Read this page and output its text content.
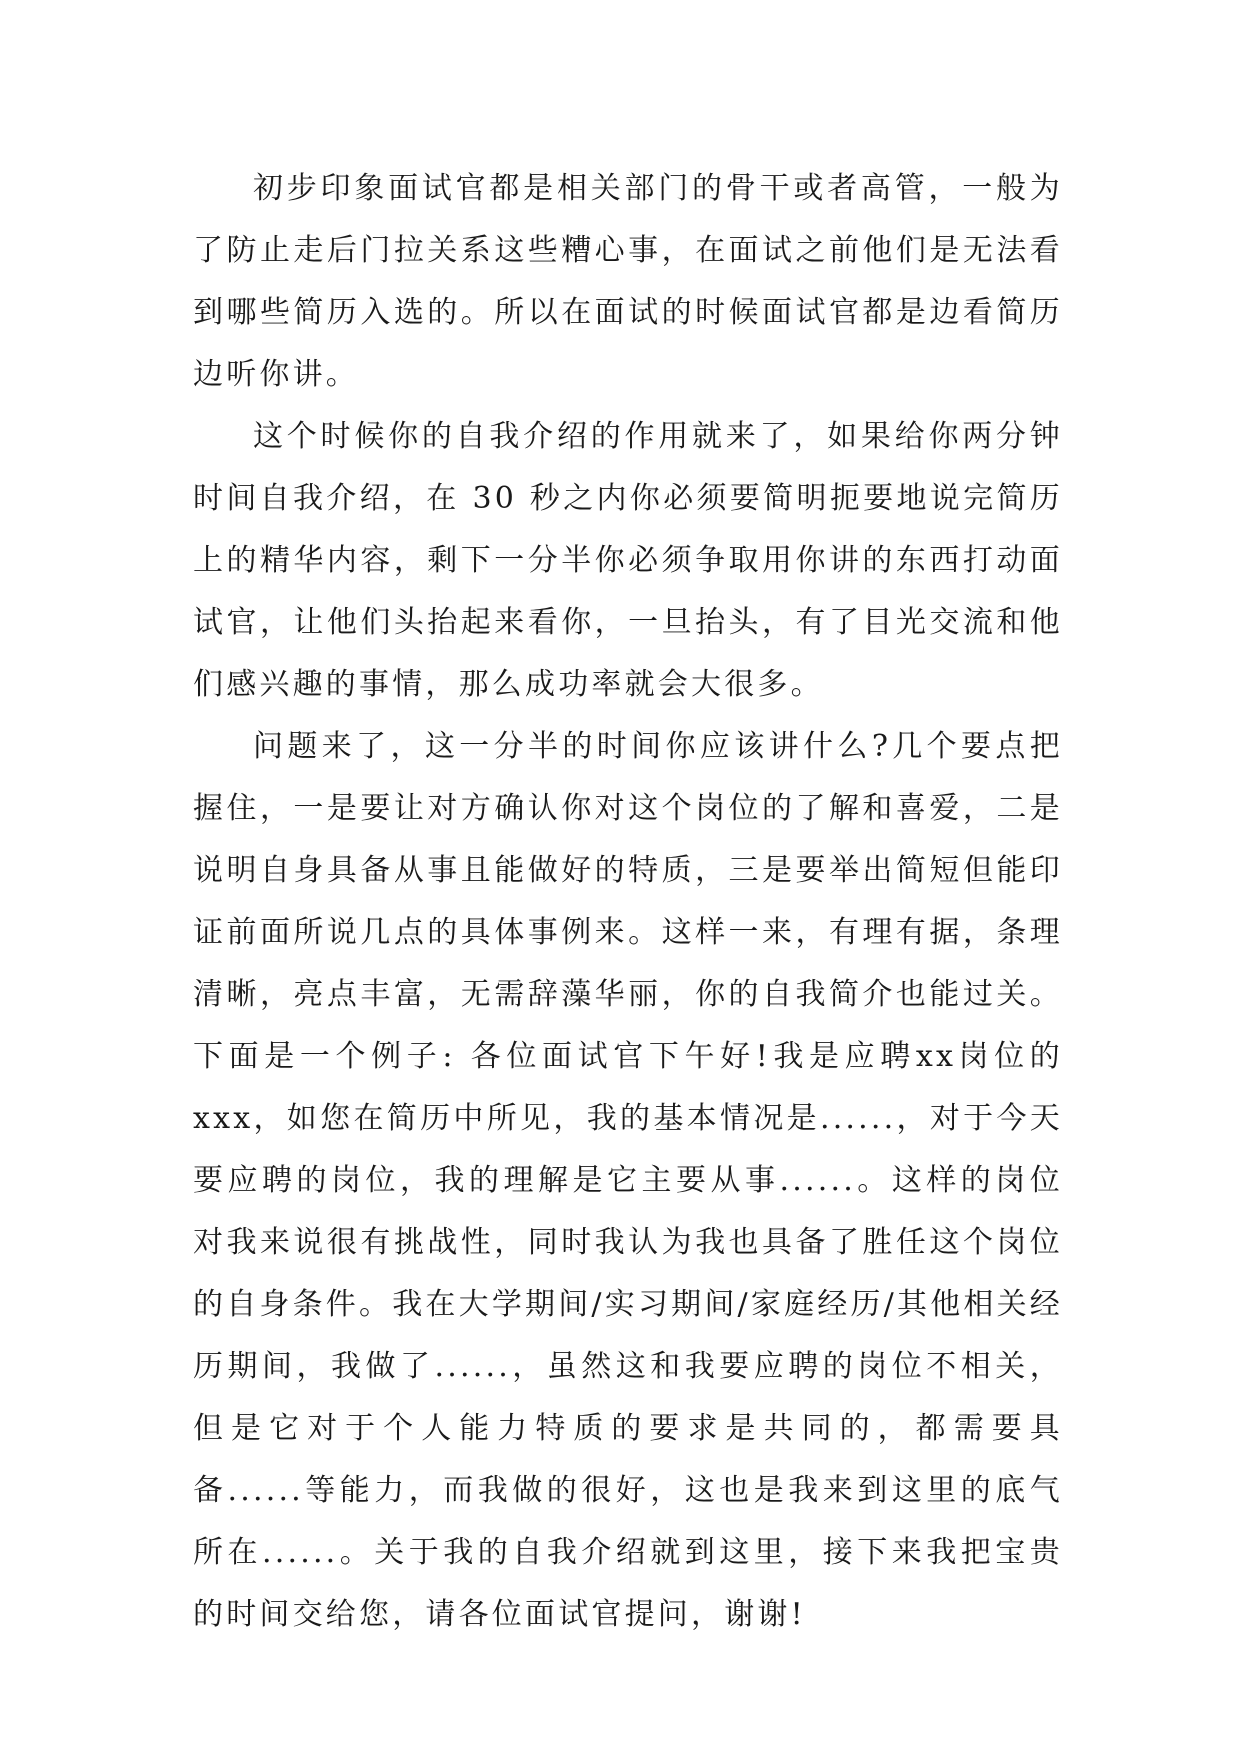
初步印象面试官都是相关部门的骨干或者高管，一般为了防止走后门拉关系这些糟心事，在面试之前他们是无法看到哪些简历入选的。所以在面试的时候面试官都是边看简历边听你讲。

这个时候你的自我介绍的作用就来了，如果给你两分钟时间自我介绍，在 30 秒之内你必须要简明扼要地说完简历上的精华内容，剩下一分半你必须争取用你讲的东西打动面试官，让他们头抬起来看你，一旦抬头，有了目光交流和他们感兴趣的事情，那么成功率就会大很多。

问题来了，这一分半的时间你应该讲什么?几个要点把握住，一是要让对方确认你对这个岗位的了解和喜爱，二是说明自身具备从事且能做好的特质，三是要举出简短但能印证前面所说几点的具体事例来。这样一来，有理有据，条理清晰，亮点丰富，无需辞藻华丽，你的自我简介也能过关。下面是一个例子: 各位面试官下午好!我是应聘xx岗位的xxx，如您在简历中所见，我的基本情况是......，对于今天要应聘的岗位，我的理解是它主要从事......。这样的岗位对我来说很有挑战性，同时我认为我也具备了胜任这个岗位的自身条件。我在大学期间/实习期间/家庭经历/其他相关经历期间，我做了......，虽然这和我要应聘的岗位不相关，但是它对于个人能力特质的要求是共同的，都需要具备......等能力，而我做的很好，这也是我来到这里的底气所在......。关于我的自我介绍就到这里，接下来我把宝贵的时间交给您，请各位面试官提问，谢谢!
